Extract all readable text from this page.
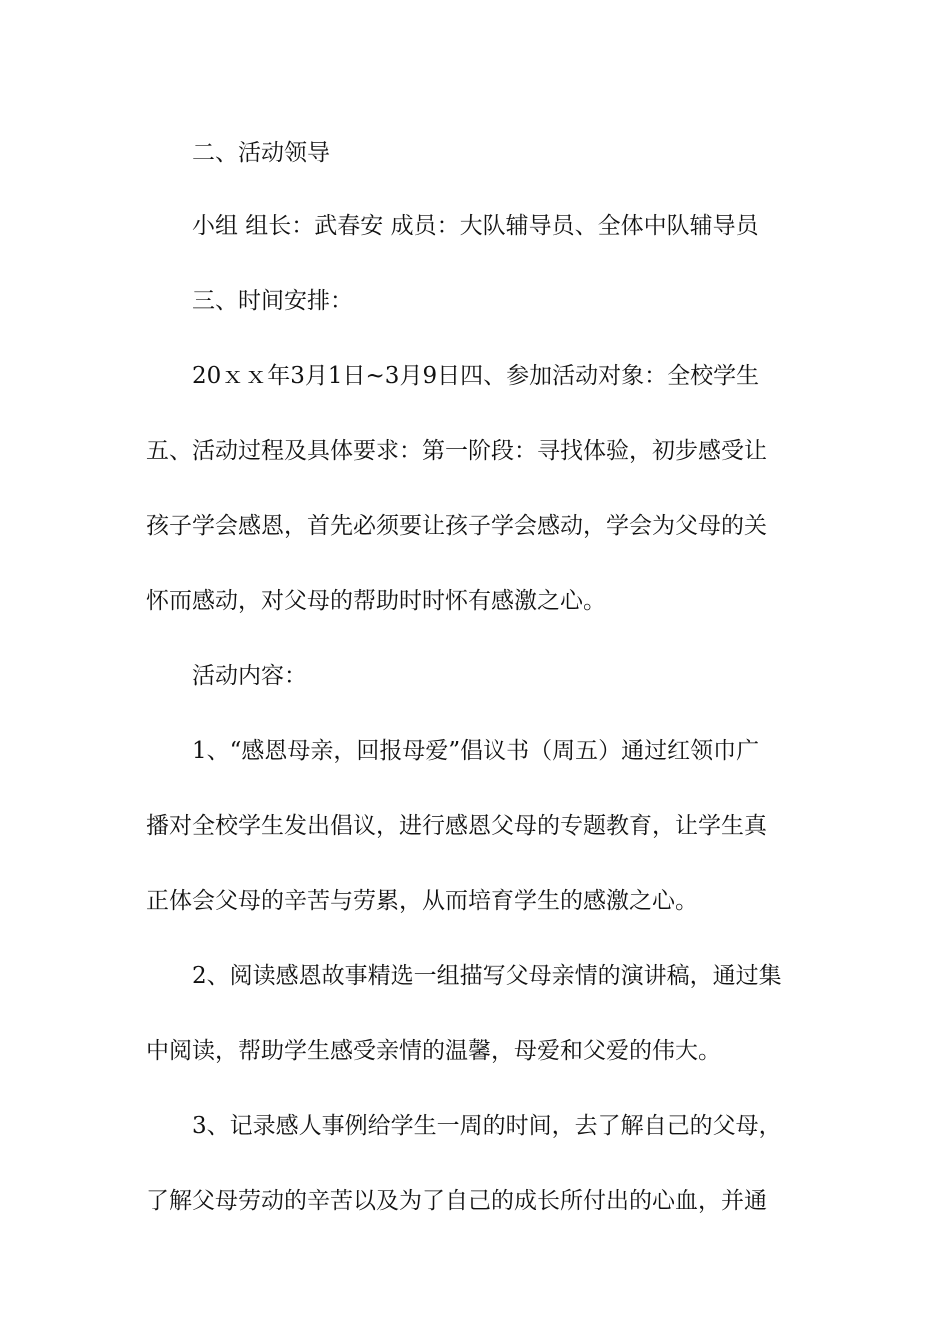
二、活动领导

小组 组长：武春安 成员：大队辅导员、全体中队辅导员

三、时间安排：

20ｘｘ年3月1日~3月9日四、参加活动对象：全校学生

五、活动过程及具体要求：第一阶段：寻找体验，初步感受让

孩子学会感恩，首先必须要让孩子学会感动，学会为父母的关

怀而感动，对父母的帮助时时怀有感激之心。

活动内容：

1、“感恩母亲，回报母爱”倡议书（周五）通过红领巾广

播对全校学生发出倡议，进行感恩父母的专题教育，让学生真

正体会父母的辛苦与劳累，从而培育学生的感激之心。

2、阅读感恩故事精选一组描写父母亲情的演讲稿，通过集

中阅读，帮助学生感受亲情的温馨，母爱和父爱的伟大。

3、记录感人事例给学生一周的时间，去了解自己的父母，

了解父母劳动的辛苦以及为了自己的成长所付出的心血，并通
